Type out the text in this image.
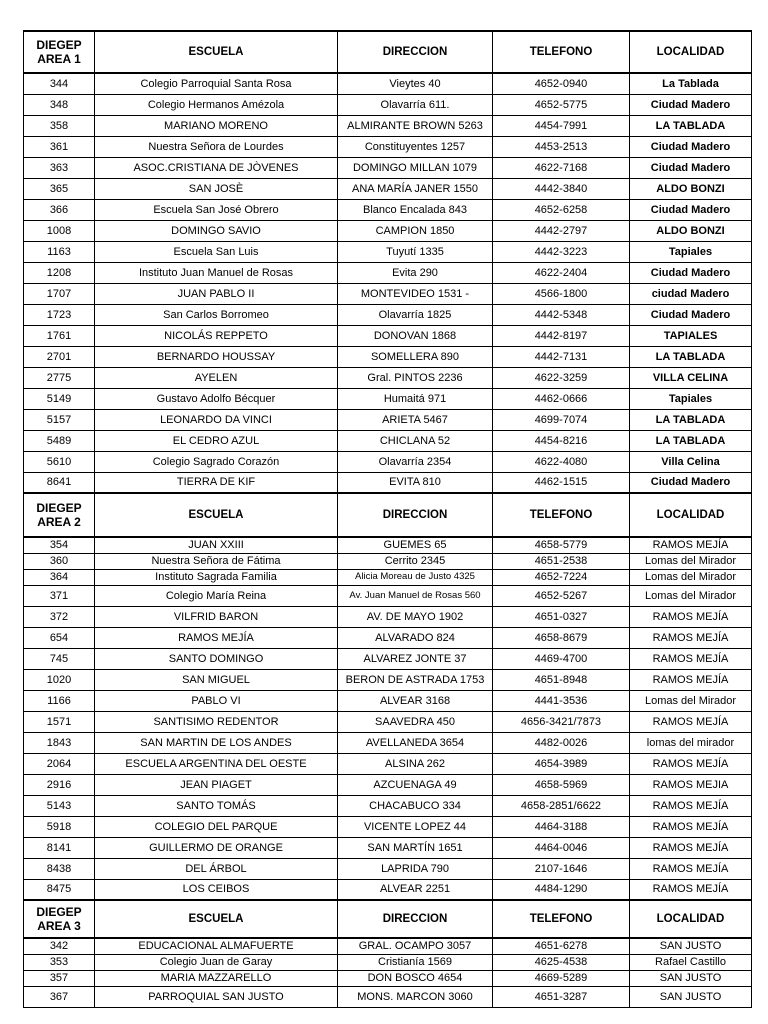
DIEGEP
AREA 1	ESCUELA	DIRECCION	TELEFONO	LOCALIDAD
344	Colegio Parroquial Santa Rosa	Vieytes 40	4652-0940	La Tablada
348	Colegio Hermanos Amézola	Olavarría 611.	4652-5775	Ciudad Madero
358	MARIANO MORENO	ALMIRANTE BROWN 5263	4454-7991	LA TABLADA
361	Nuestra Señora de Lourdes	Constituyentes 1257	4453-2513	Ciudad Madero
363	ASOC.CRISTIANA DE JÒVENES	DOMINGO MILLAN 1079	4622-7168	Ciudad Madero
365	SAN JOSÈ	ANA MARÍA JANER 1550	4442-3840	ALDO BONZI
366	Escuela San José Obrero	Blanco Encalada 843	4652-6258	Ciudad Madero
1008	DOMINGO SAVIO	CAMPION 1850	4442-2797	ALDO BONZI
1163	Escuela San Luis	Tuyutí 1335	4442-3223	Tapiales
1208	Instituto Juan Manuel de Rosas	Evita 290	4622-2404	Ciudad Madero
1707	JUAN PABLO II	MONTEVIDEO 1531 -	4566-1800	ciudad Madero
1723	San Carlos Borromeo	Olavarría 1825	4442-5348	Ciudad Madero
1761	NICOLÁS REPPETO	DONOVAN 1868	4442-8197	TAPIALES
2701	BERNARDO HOUSSAY	SOMELLERA 890	4442-7131	LA TABLADA
2775	AYELEN	Gral. PINTOS 2236	4622-3259	VILLA CELINA
5149	Gustavo Adolfo Bécquer	Humaitá 971	4462-0666	Tapiales
5157	LEONARDO DA VINCI	ARIETA 5467	4699-7074	LA TABLADA
5489	EL CEDRO AZUL	CHICLANA 52	4454-8216	LA TABLADA
5610	Colegio Sagrado Corazón	Olavarría 2354	4622-4080	Villa Celina
8641	TIERRA DE KIF	EVITA 810	4462-1515	Ciudad Madero

DIEGEP
AREA 2	ESCUELA	DIRECCION	TELEFONO	LOCALIDAD
354	JUAN XXIII	GUEMES 65	4658-5779	RAMOS MEJÍA
360	Nuestra Señora de Fátima	Cerrito 2345	4651-2538	Lomas del Mirador
364	Instituto Sagrada Familia	Alicia Moreau de Justo 4325	4652-7224	Lomas del Mirador
371	Colegio María Reina	Av. Juan Manuel de Rosas 560	4652-5267	Lomas del Mirador
372	VILFRID BARON	AV. DE MAYO 1902	4651-0327	RAMOS MEJÍA
654	RAMOS MEJÍA	ALVARADO 824	4658-8679	RAMOS MEJÍA
745	SANTO DOMINGO	ALVAREZ JONTE 37	4469-4700	RAMOS MEJÍA
1020	SAN MIGUEL	BERON DE ASTRADA 1753	4651-8948	RAMOS MEJÍA
1166	PABLO VI	ALVEAR 3168	4441-3536	Lomas del Mirador
1571	SANTISIMO REDENTOR	SAAVEDRA 450	4656-3421/7873	RAMOS MEJÍA
1843	SAN MARTIN DE LOS ANDES	AVELLANEDA 3654	4482-0026	lomas del mirador
2064	ESCUELA ARGENTINA DEL OESTE	ALSINA 262	4654-3989	RAMOS MEJÍA
2916	JEAN PIAGET	AZCUENAGA 49	4658-5969	RAMOS MEJIA
5143	SANTO TOMÁS	CHACABUCO 334	4658-2851/6622	RAMOS MEJÍA
5918	COLEGIO DEL PARQUE	VICENTE LOPEZ 44	4464-3188	RAMOS MEJÍA
8141	GUILLERMO DE ORANGE	SAN MARTÍN 1651	4464-0046	RAMOS MEJÍA
8438	DEL ÁRBOL	LAPRIDA 790	2107-1646	RAMOS MEJÍA
8475	LOS CEIBOS	ALVEAR 2251	4484-1290	RAMOS MEJÍA

DIEGEP
AREA 3	ESCUELA	DIRECCION	TELEFONO	LOCALIDAD
342	EDUCACIONAL ALMAFUERTE	GRAL. OCAMPO 3057	4651-6278	SAN JUSTO
353	Colegio Juan de Garay	Cristianía 1569	4625-4538	Rafael Castillo
357	MARIA MAZZARELLO	DON BOSCO 4654	4669-5289	SAN JUSTO
367	PARROQUIAL SAN JUSTO	MONS. MARCON 3060	4651-3287	SAN JUSTO
